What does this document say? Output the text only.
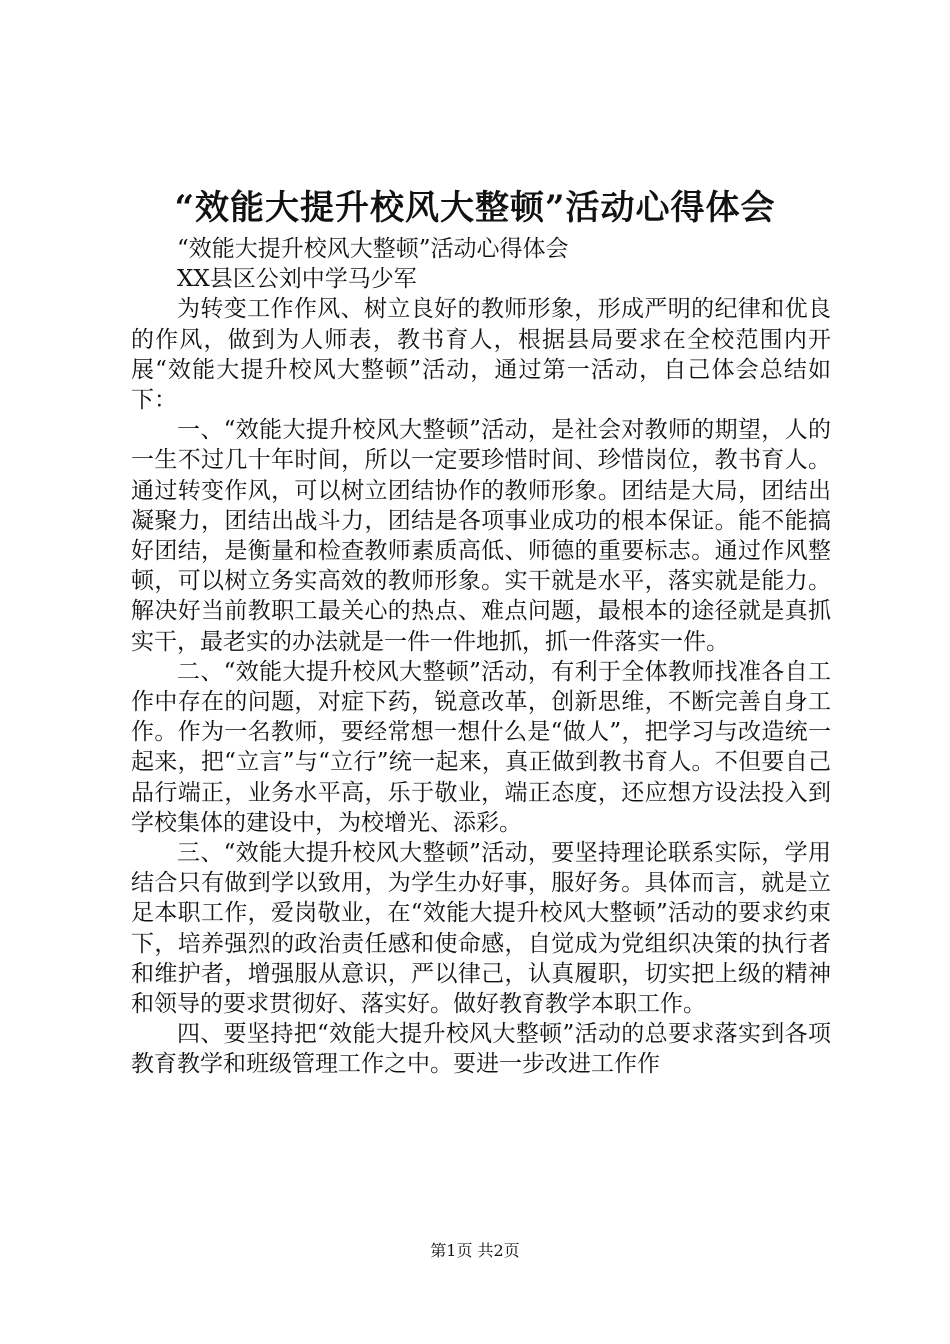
“效能大提升校风大整顿”活动心得体会

“效能大提升校风大整顿”活动心得体会

XX县区公刘中学马少军

为转变工作作风、树立良好的教师形象，形成严明的纪律和优良的作风，做到为人师表，教书育人，根据县局要求在全校范围内开展“效能大提升校风大整顿”活动，通过第一活动，自己体会总结如下：

一、“效能大提升校风大整顿”活动，是社会对教师的期望，人的一生不过几十年时间，所以一定要珍惜时间、珍惜岗位，教书育人。通过转变作风，可以树立团结协作的教师形象。团结是大局，团结出凝聚力，团结出战斗力，团结是各项事业成功的根本保证。能不能搞好团结，是衡量和检查教师素质高低、师德的重要标志。通过作风整顿，可以树立务实高效的教师形象。实干就是水平，落实就是能力。解决好当前教职工最关心的热点、难点问题，最根本的途径就是真抓实干，最老实的办法就是一件一件地抓，抓一件落实一件。

二、“效能大提升校风大整顿”活动，有利于全体教师找准各自工作中存在的问题，对症下药，锐意改革，创新思维，不断完善自身工作。作为一名教师，要经常想一想什么是“做人”，把学习与改造统一起来，把“立言”与“立行”统一起来，真正做到教书育人。不但要自己品行端正，业务水平高，乐于敬业，端正态度，还应想方设法投入到学校集体的建设中，为校增光、添彩。

三、“效能大提升校风大整顿”活动，要坚持理论联系实际，学用结合只有做到学以致用，为学生办好事，服好务。具体而言，就是立足本职工作，爱岗敬业，在“效能大提升校风大整顿”活动的要求约束下，培养强烈的政治责任感和使命感，自觉成为党组织决策的执行者和维护者，增强服从意识，严以律己，认真履职，切实把上级的精神和领导的要求贯彻好、落实好。做好教育教学本职工作。

四、要坚持把“效能大提升校风大整顿”活动的总要求落实到各项教育教学和班级管理工作之中。要进一步改进工作作

第1页 共2页
